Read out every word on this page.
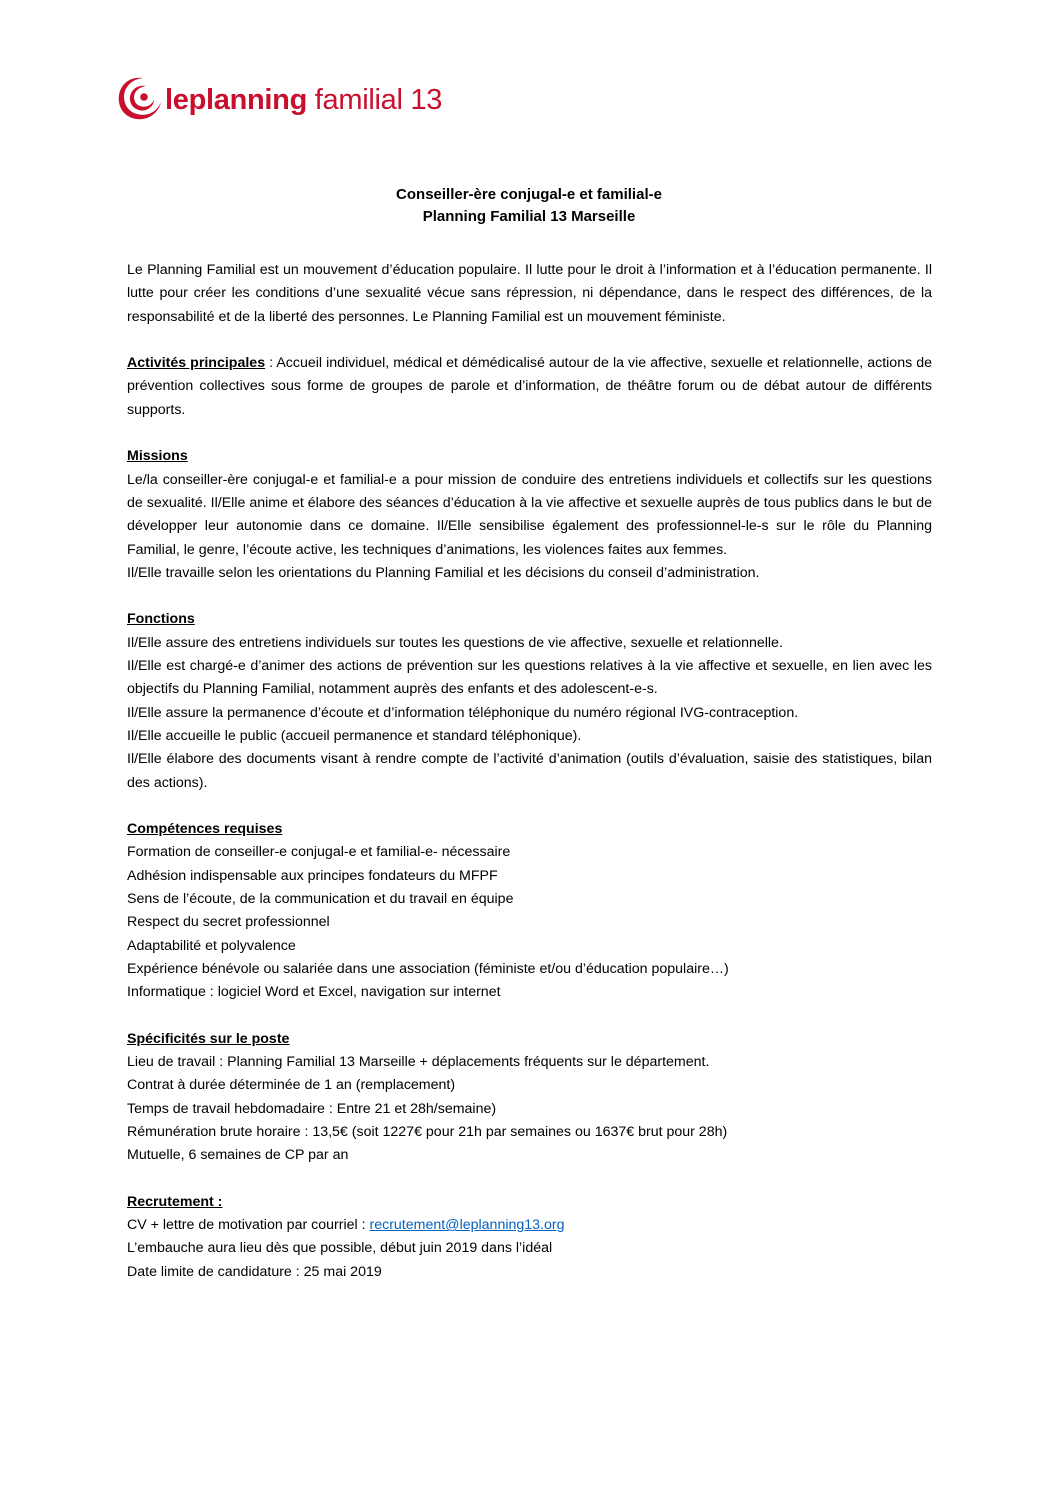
leplanning familial 13
Conseiller-ère conjugal-e et familial-e
Planning Familial 13 Marseille

Le Planning Familial est un mouvement d’éducation populaire. Il lutte pour le droit à l’information et à l’éducation permanente. Il lutte pour créer les conditions d’une sexualité vécue sans répression, ni dépendance, dans le respect des différences, de la responsabilité et de la liberté des personnes. Le Planning Familial est un mouvement féministe.

Activités principales : Accueil individuel, médical et démédicalisé autour de la vie affective, sexuelle et relationnelle, actions de prévention collectives sous forme de groupes de parole et d’information, de théâtre forum ou de débat autour de différents supports.

Missions

Le/la conseiller-ère conjugal-e et familial-e a pour mission de conduire des entretiens individuels et collectifs sur les questions de sexualité. Il/Elle anime et élabore des séances d’éducation à la vie affective et sexuelle auprès de tous publics dans le but de développer leur autonomie dans ce domaine. Il/Elle sensibilise également des professionnel-le-s sur le rôle du Planning Familial, le genre, l’écoute active, les techniques d’animations, les violences faites aux femmes.

Il/Elle travaille selon les orientations du Planning Familial et les décisions du conseil d’administration.

Fonctions

Il/Elle assure des entretiens individuels sur toutes les questions de vie affective, sexuelle et relationnelle.

Il/Elle est chargé-e d’animer des actions de prévention sur les questions relatives à la vie affective et sexuelle, en lien avec les objectifs du Planning Familial, notamment auprès des enfants et des adolescent-e-s.

Il/Elle assure la permanence d’écoute et d’information téléphonique du numéro régional IVG-contraception.

Il/Elle accueille le public (accueil permanence et standard téléphonique).

Il/Elle élabore des documents visant à rendre compte de l’activité d’animation (outils d’évaluation, saisie des statistiques, bilan des actions).

Compétences requises

Formation de conseiller-e conjugal-e et familial-e- nécessaire

Adhésion indispensable aux principes fondateurs du MFPF

Sens de l’écoute, de la communication et du travail en équipe

Respect du secret professionnel

Adaptabilité et polyvalence

Expérience bénévole ou salariée dans une association (féministe et/ou d’éducation populaire…)

Informatique : logiciel Word et Excel, navigation sur internet

Spécificités sur le poste

Lieu de travail : Planning Familial 13 Marseille + déplacements fréquents sur le département.

Contrat à durée déterminée de 1 an (remplacement)

Temps de travail hebdomadaire : Entre 21 et 28h/semaine)

Rémunération brute horaire : 13,5€ (soit 1227€ pour 21h par semaines ou 1637€ brut pour 28h)

Mutuelle, 6 semaines de CP par an

Recrutement :

CV + lettre de motivation par courriel : recrutement@leplanning13.org

L’embauche aura lieu dès que possible, début juin 2019 dans l’idéal

Date limite de candidature : 25 mai 2019
